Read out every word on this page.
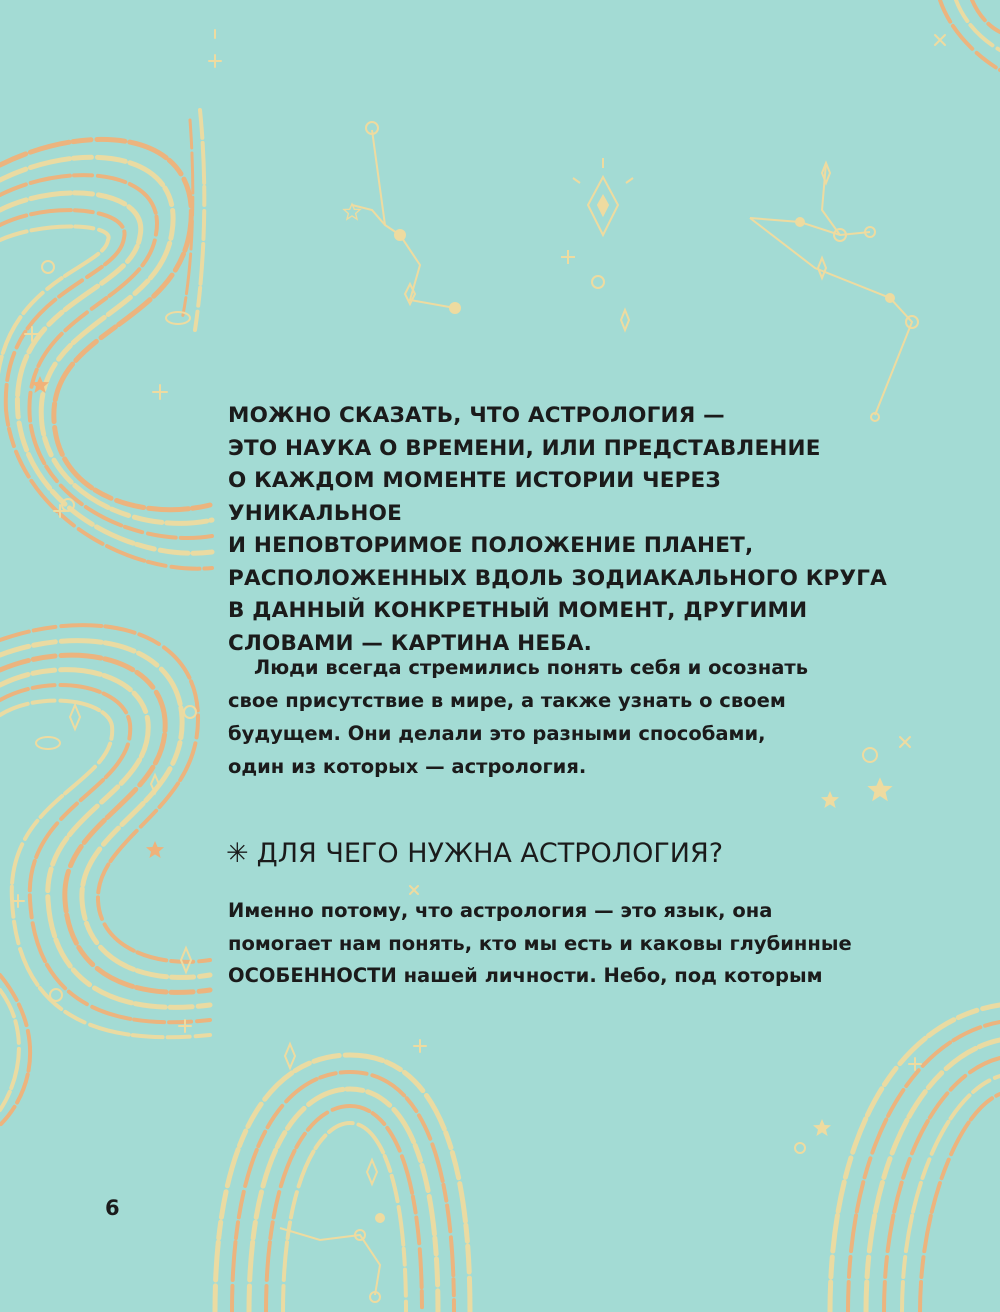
МОЖНО СКАЗАТЬ, ЧТО АСТРОЛОГИЯ —
ЭТО НАУКА О ВРЕМЕНИ, ИЛИ ПРЕДСТАВЛЕНИЕ
О КАЖДОМ МОМЕНТЕ ИСТОРИИ ЧЕРЕЗ УНИКАЛЬНОЕ
И НЕПОВТОРИМОЕ ПОЛОЖЕНИЕ ПЛАНЕТ,
РАСПОЛОЖЕННЫХ ВДОЛЬ ЗОДИАКАЛЬНОГО КРУГА
В ДАННЫЙ КОНКРЕТНЫЙ МОМЕНТ, ДРУГИМИ
СЛОВАМИ — КАРТИНА НЕБА.
Люди всегда стремились понять себя и осознать
свое присутствие в мире, а также узнать о своем
будущем. Они делали это разными способами,
один из которых — астрология.
✳ ДЛЯ ЧЕГО НУЖНА АСТРОЛОГИЯ?
Именно потому, что астрология — это язык, она
помогает нам понять, кто мы есть и каковы глубинные
ОСОБЕННОСТИ нашей личности. Небо, под которым
6
